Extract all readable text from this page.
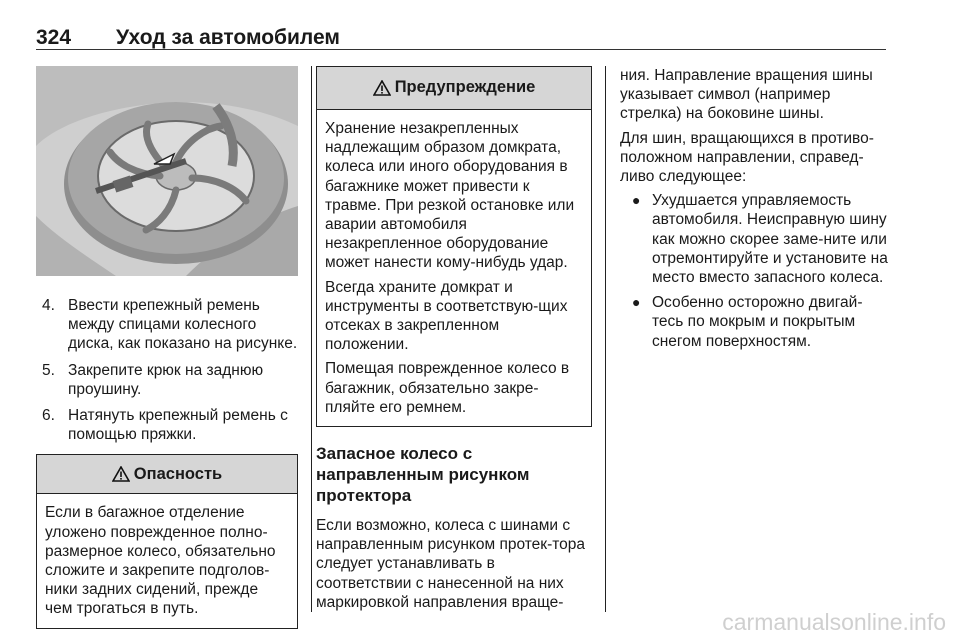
324 Уход за автомобилем
4. Ввести крепежный ремень между спицами колесного диска, как показано на рисунке.
5. Закрепите крюк на заднюю проушину.
6. Натянуть крепежный ремень с помощью пряжки.
Опасность

Если в багажное отделение уложено поврежденное полно-размерное колесо, обязательно сложите и закрепите подголов-ники задних сидений, прежде чем трогаться в путь.

Предупреждение

Хранение незакрепленных надлежащим образом домкрата, колеса или иного оборудования в багажнике может привести к травме. При резкой остановке или аварии автомобиля незакрепленное оборудование может нанести кому-нибудь удар.

Всегда храните домкрат и инструменты в соответствую-щих отсеках в закрепленном положении.

Помещая поврежденное колесо в багажник, обязательно закре-пляйте его ремнем.

Запасное колесо с направленным рисунком протектора

Если возможно, колеса с шинами с направленным рисунком протек-тора следует устанавливать в соответствии с нанесенной на них маркировкой направления враще-

ния. Направление вращения шины указывает символ (например стрелка) на боковине шины.

Для шин, вращающихся в противо-положном направлении, справед-ливо следующее:

● Ухудшается управляемость автомобиля. Неисправную шину как можно скорее заме-ните или отремонтируйте и установите на место вместо запасного колеса.
● Особенно осторожно двигай-тесь по мокрым и покрытым снегом поверхностям.
carmanualsonline.info
